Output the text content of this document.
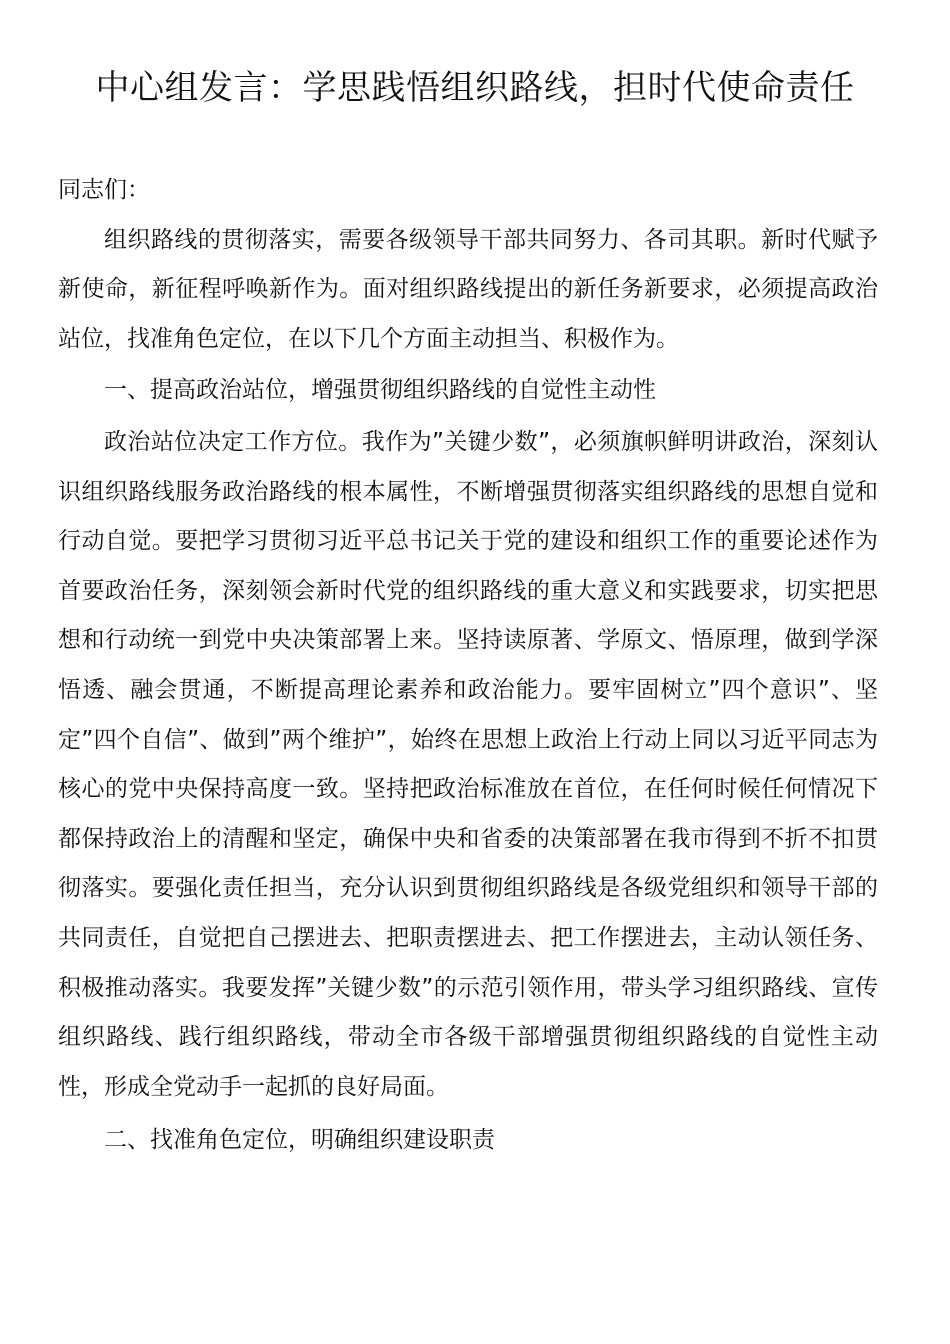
中心组发言：学思践悟组织路线，担时代使命责任

同志们：

组织路线的贯彻落实，需要各级领导干部共同努力、各司其职。新时代赋予新使命，新征程呼唤新作为。面对组织路线提出的新任务新要求，必须提高政治站位，找准角色定位，在以下几个方面主动担当、积极作为。

一、提高政治站位，增强贯彻组织路线的自觉性主动性

政治站位决定工作方位。我作为”关键少数”，必须旗帜鲜明讲政治，深刻认识组织路线服务政治路线的根本属性，不断增强贯彻落实组织路线的思想自觉和行动自觉。要把学习贯彻习近平总书记关于党的建设和组织工作的重要论述作为首要政治任务，深刻领会新时代党的组织路线的重大意义和实践要求，切实把思想和行动统一到党中央决策部署上来。坚持读原著、学原文、悟原理，做到学深悟透、融会贯通，不断提高理论素养和政治能力。要牢固树立”四个意识”、坚定”四个自信”、做到”两个维护”，始终在思想上政治上行动上同以习近平同志为核心的党中央保持高度一致。坚持把政治标准放在首位，在任何时候任何情况下都保持政治上的清醒和坚定，确保中央和省委的决策部署在我市得到不折不扣贯彻落实。要强化责任担当，充分认识到贯彻组织路线是各级党组织和领导干部的共同责任，自觉把自己摆进去、把职责摆进去、把工作摆进去，主动认领任务、积极推动落实。我要发挥”关键少数”的示范引领作用，带头学习组织路线、宣传组织路线、践行组织路线，带动全市各级干部增强贯彻组织路线的自觉性主动性，形成全党动手一起抓的良好局面。

二、找准角色定位，明确组织建设职责
